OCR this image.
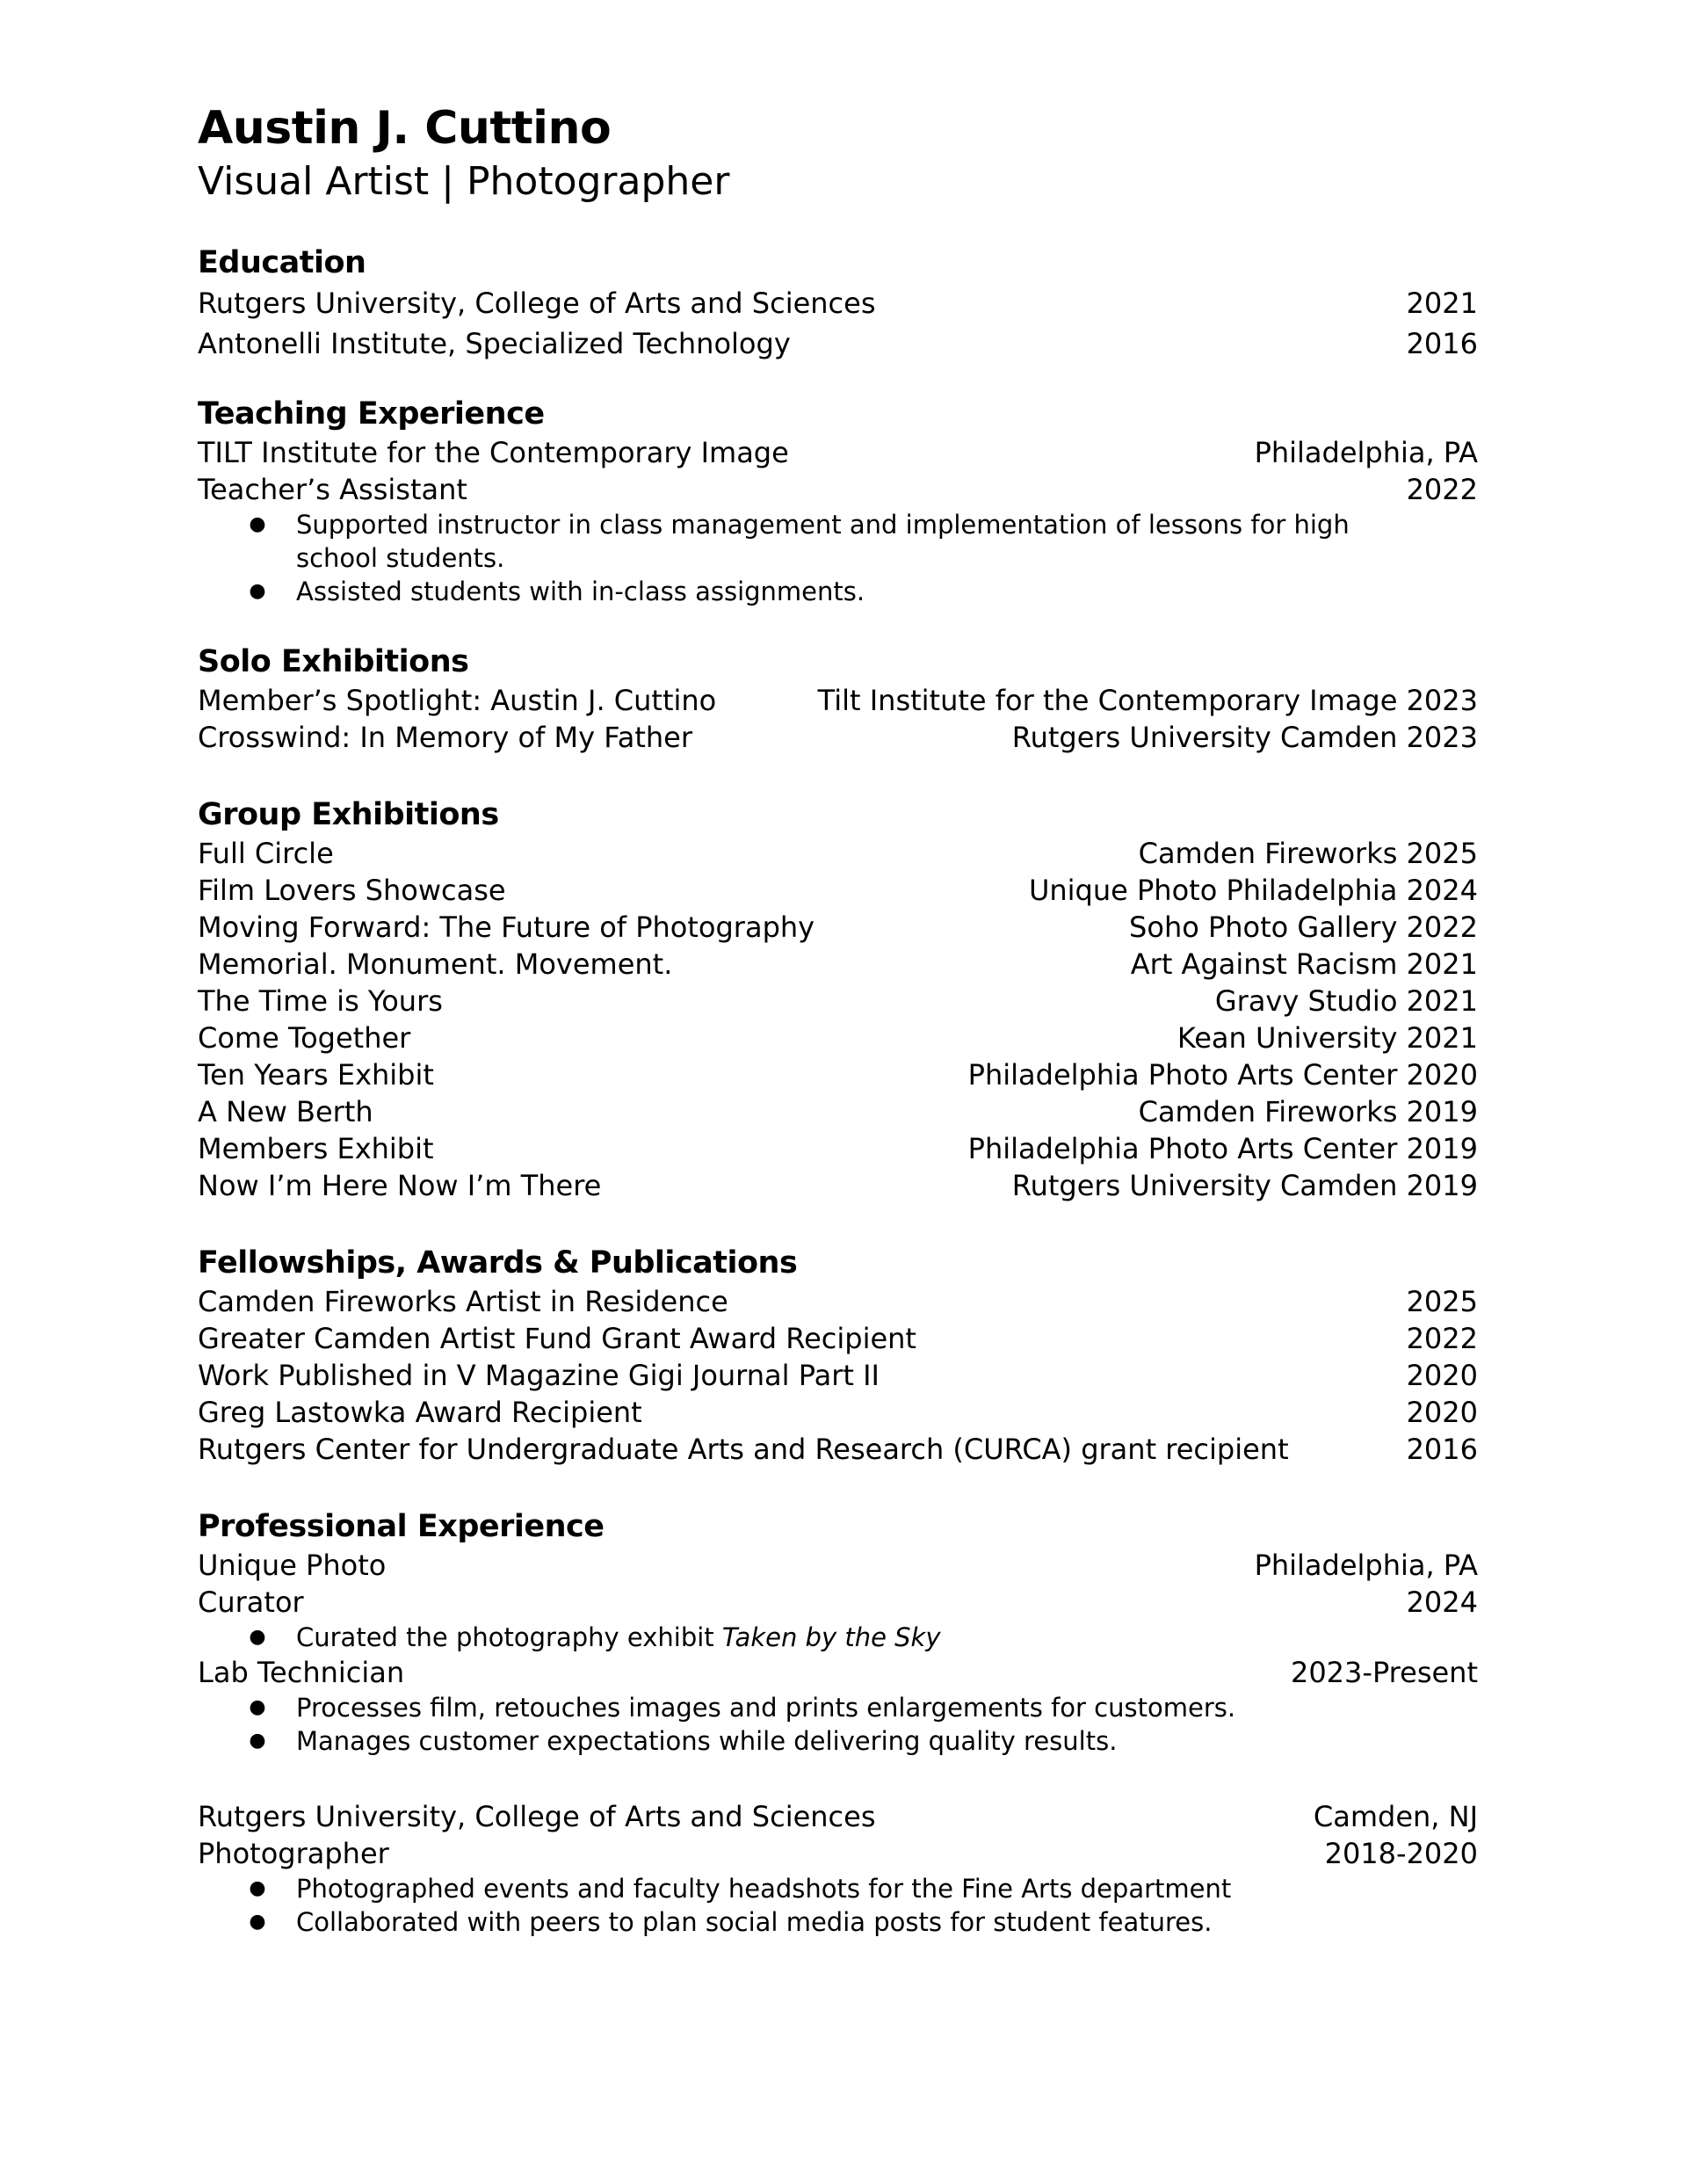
Austin J. Cuttino
Visual Artist | Photographer
Education
Rutgers University, College of Arts and Sciences	2021
Antonelli Institute, Specialized Technology	2016
Teaching Experience
TILT Institute for the Contemporary Image	Philadelphia, PA
Teacher’s Assistant	2022
● Supported instructor in class management and implementation of lessons for high school students.
● Assisted students with in-class assignments.
Solo Exhibitions
Member’s Spotlight: Austin J. Cuttino	Tilt Institute for the Contemporary Image 2023
Crosswind: In Memory of My Father	Rutgers University Camden 2023
Group Exhibitions
Full Circle	Camden Fireworks 2025
Film Lovers Showcase	Unique Photo Philadelphia 2024
Moving Forward: The Future of Photography	Soho Photo Gallery 2022
Memorial. Monument. Movement.	Art Against Racism 2021
The Time is Yours	Gravy Studio 2021
Come Together	Kean University 2021
Ten Years Exhibit	Philadelphia Photo Arts Center 2020
A New Berth	Camden Fireworks 2019
Members Exhibit	Philadelphia Photo Arts Center 2019
Now I’m Here Now I’m There	Rutgers University Camden 2019
Fellowships, Awards & Publications
Camden Fireworks Artist in Residence	2025
Greater Camden Artist Fund Grant Award Recipient	2022
Work Published in V Magazine Gigi Journal Part II	2020
Greg Lastowka Award Recipient	2020
Rutgers Center for Undergraduate Arts and Research (CURCA) grant recipient	2016
Professional Experience
Unique Photo	Philadelphia, PA
Curator	2024
● Curated the photography exhibit Taken by the Sky
Lab Technician	2023-Present
● Processes film, retouches images and prints enlargements for customers.
● Manages customer expectations while delivering quality results.
Rutgers University, College of Arts and Sciences	Camden, NJ
Photographer	2018-2020
● Photographed events and faculty headshots for the Fine Arts department
● Collaborated with peers to plan social media posts for student features.
